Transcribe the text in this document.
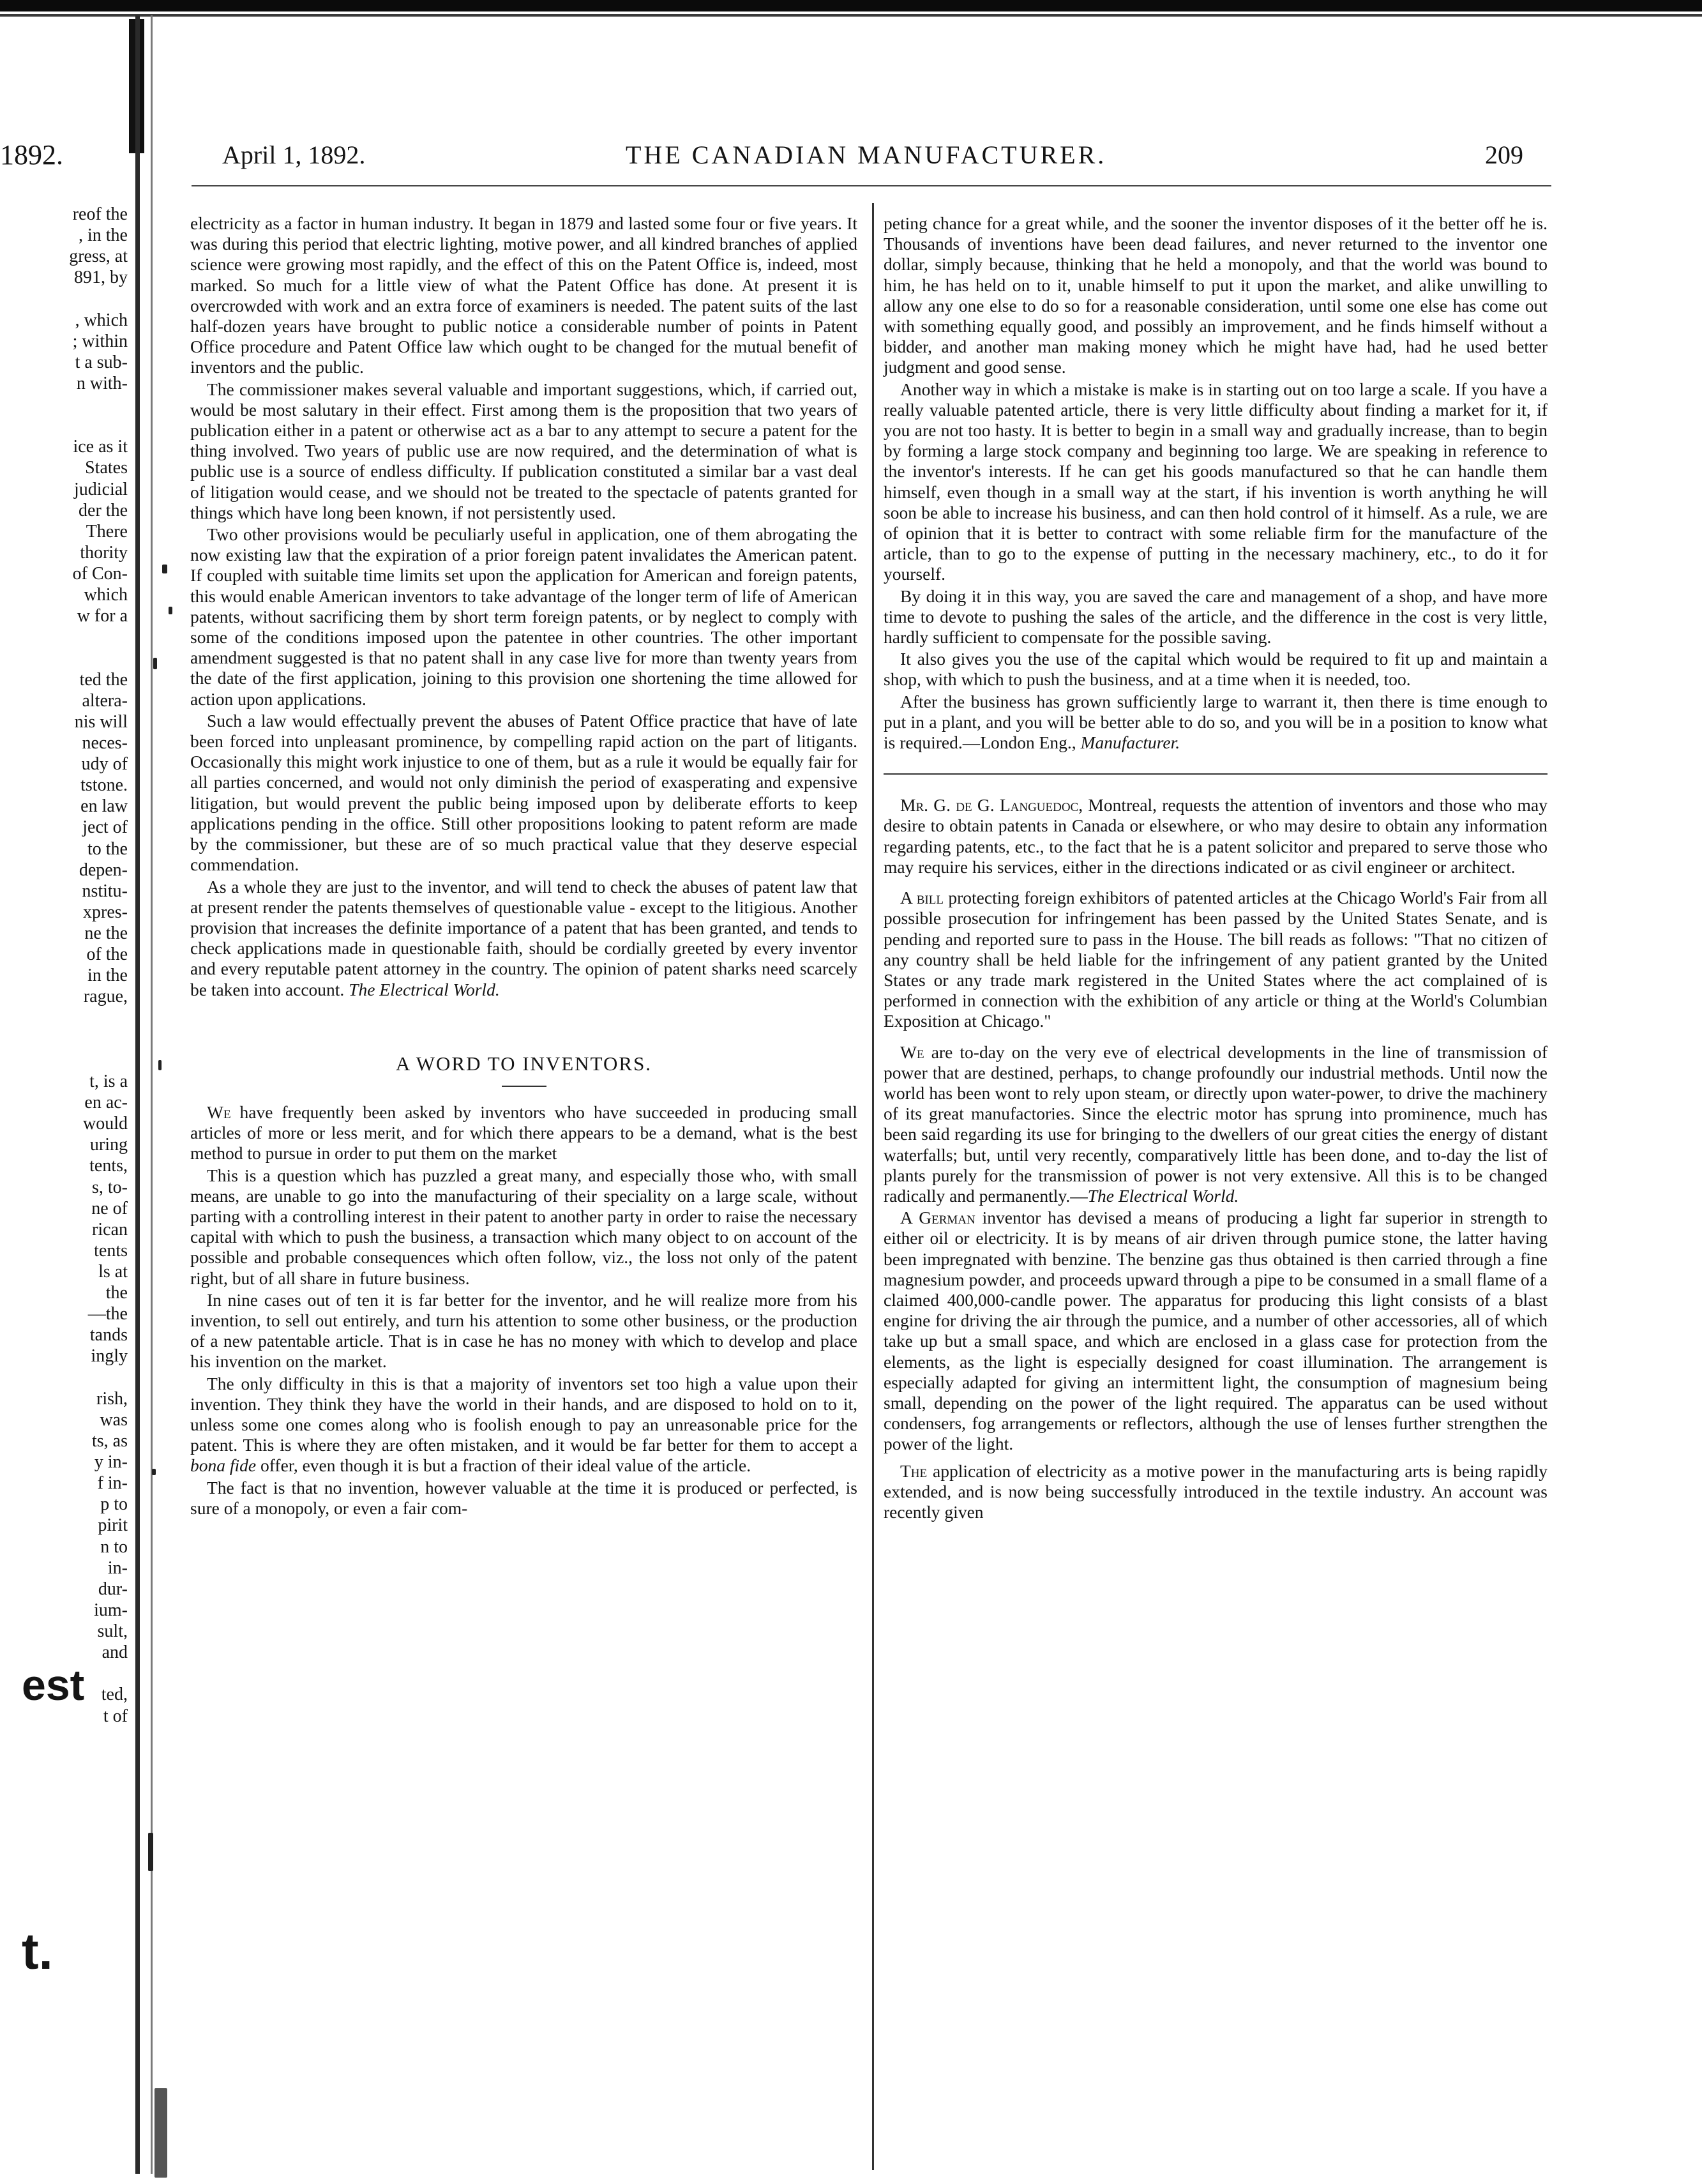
1892.	April 1, 1892.	THE CANADIAN MANUFACTURER.	209
reof the
, in the
gress, at
891, by
, which
; within
t a sub-
n with-
ice as it
States
judicial
der the
There
thority
of Con-
which
w for a
ted the
altera-
nis will
neces-
udy of
tstone.
en law
ject of
to the
depen-
nstitu-
xpres-
ne the
of the
in the
rague,
t, is a
en ac-
would
uring
tents,
s, to-
ne of
rican
tents
ls at
the
—the
tands
ingly
rish,
was
ts, as
y in-
f in-
p to
pirit
n to
in-
dur-
ium-
sult,
and
ted,
t of
est
t.

electricity as a factor in human industry. It began in 1879 and lasted some four or five years. It was during this period that electric lighting, motive power, and all kindred branches of applied science were growing most rapidly, and the effect of this on the Patent Office is, indeed, most marked. So much for a little view of what the Patent Office has done. At present it is overcrowded with work and an extra force of examiners is needed. The patent suits of the last half-dozen years have brought to public notice a considerable number of points in Patent Office procedure and Patent Office law which ought to be changed for the mutual benefit of inventors and the public.

The commissioner makes several valuable and important suggestions, which, if carried out, would be most salutary in their effect. First among them is the proposition that two years of publication either in a patent or otherwise act as a bar to any attempt to secure a patent for the thing involved. Two years of public use are now required, and the determination of what is public use is a source of endless difficulty. If publication constituted a similar bar a vast deal of litigation would cease, and we should not be treated to the spectacle of patents granted for things which have long been known, if not persistently used.

Two other provisions would be peculiarly useful in application, one of them abrogating the now existing law that the expiration of a prior foreign patent invalidates the American patent. If coupled with suitable time limits set upon the application for American and foreign patents, this would enable American inventors to take advantage of the longer term of life of American patents, without sacrificing them by short term foreign patents, or by neglect to comply with some of the conditions imposed upon the patentee in other countries. The other important amendment suggested is that no patent shall in any case live for more than twenty years from the date of the first application, joining to this provision one shortening the time allowed for action upon applications.

Such a law would effectually prevent the abuses of Patent Office practice that have of late been forced into unpleasant prominence, by compelling rapid action on the part of litigants. Occasionally this might work injustice to one of them, but as a rule it would be equally fair for all parties concerned, and would not only diminish the period of exasperating and expensive litigation, but would prevent the public being imposed upon by deliberate efforts to keep applications pending in the office. Still other propositions looking to patent reform are made by the commissioner, but these are of so much practical value that they deserve especial commendation.

As a whole they are just to the inventor, and will tend to check the abuses of patent law that at present render the patents themselves of questionable value - except to the litigious. Another provision that increases the definite importance of a patent that has been granted, and tends to check applications made in questionable faith, should be cordially greeted by every inventor and every reputable patent attorney in the country. The opinion of patent sharks need scarcely be taken into account. The Electrical World.

A WORD TO INVENTORS.

We have frequently been asked by inventors who have succeeded in producing small articles of more or less merit, and for which there appears to be a demand, what is the best method to pursue in order to put them on the market

This is a question which has puzzled a great many, and especially those who, with small means, are unable to go into the manufacturing of their speciality on a large scale, without parting with a controlling interest in their patent to another party in order to raise the necessary capital with which to push the business, a transaction which many object to on account of the possible and probable consequences which often follow, viz., the loss not only of the patent right, but of all share in future business.

In nine cases out of ten it is far better for the inventor, and he will realize more from his invention, to sell out entirely, and turn his attention to some other business, or the production of a new patentable article. That is in case he has no money with which to develop and place his invention on the market.

The only difficulty in this is that a majority of inventors set too high a value upon their invention. They think they have the world in their hands, and are disposed to hold on to it, unless some one comes along who is foolish enough to pay an unreasonable price for the patent. This is where they are often mistaken, and it would be far better for them to accept a bona fide offer, even though it is but a fraction of their ideal value of the article.

The fact is that no invention, however valuable at the time it is produced or perfected, is sure of a monopoly, or even a fair com-

peting chance for a great while, and the sooner the inventor disposes of it the better off he is. Thousands of inventions have been dead failures, and never returned to the inventor one dollar, simply because, thinking that he held a monopoly, and that the world was bound to him, he has held on to it, unable himself to put it upon the market, and alike unwilling to allow any one else to do so for a reasonable consideration, until some one else has come out with something equally good, and possibly an improvement, and he finds himself without a bidder, and another man making money which he might have had, had he used better judgment and good sense.

Another way in which a mistake is make is in starting out on too large a scale. If you have a really valuable patented article, there is very little difficulty about finding a market for it, if you are not too hasty. It is better to begin in a small way and gradually increase, than to begin by forming a large stock company and beginning too large. We are speaking in reference to the inventor's interests. If he can get his goods manufactured so that he can handle them himself, even though in a small way at the start, if his invention is worth anything he will soon be able to increase his business, and can then hold control of it himself. As a rule, we are of opinion that it is better to contract with some reliable firm for the manufacture of the article, than to go to the expense of putting in the necessary machinery, etc., to do it for yourself.

By doing it in this way, you are saved the care and management of a shop, and have more time to devote to pushing the sales of the article, and the difference in the cost is very little, hardly sufficient to compensate for the possible saving.

It also gives you the use of the capital which would be required to fit up and maintain a shop, with which to push the business, and at a time when it is needed, too.

After the business has grown sufficiently large to warrant it, then there is time enough to put in a plant, and you will be better able to do so, and you will be in a position to know what is required.—London Eng., Manufacturer.

Mr. G. de G. Languedoc, Montreal, requests the attention of inventors and those who may desire to obtain patents in Canada or elsewhere, or who may desire to obtain any information regarding patents, etc., to the fact that he is a patent solicitor and prepared to serve those who may require his services, either in the directions indicated or as civil engineer or architect.

A bill protecting foreign exhibitors of patented articles at the Chicago World's Fair from all possible prosecution for infringement has been passed by the United States Senate, and is pending and reported sure to pass in the House. The bill reads as follows: "That no citizen of any country shall be held liable for the infringement of any patient granted by the United States or any trade mark registered in the United States where the act complained of is performed in connection with the exhibition of any article or thing at the World's Columbian Exposition at Chicago."

We are to-day on the very eve of electrical developments in the line of transmission of power that are destined, perhaps, to change profoundly our industrial methods. Until now the world has been wont to rely upon steam, or directly upon water-power, to drive the machinery of its great manufactories. Since the electric motor has sprung into prominence, much has been said regarding its use for bringing to the dwellers of our great cities the energy of distant waterfalls; but, until very recently, comparatively little has been done, and to-day the list of plants purely for the transmission of power is not very extensive. All this is to be changed radically and permanently.—The Electrical World.

A German inventor has devised a means of producing a light far superior in strength to either oil or electricity. It is by means of air driven through pumice stone, the latter having been impregnated with benzine. The benzine gas thus obtained is then carried through a fine magnesium powder, and proceeds upward through a pipe to be consumed in a small flame of a claimed 400,000-candle power. The apparatus for producing this light consists of a blast engine for driving the air through the pumice, and a number of other accessories, all of which take up but a small space, and which are enclosed in a glass case for protection from the elements, as the light is especially designed for coast illumination. The arrangement is especially adapted for giving an intermittent light, the consumption of magnesium being small, depending on the power of the light required. The apparatus can be used without condensers, fog arrangements or reflectors, although the use of lenses further strengthen the power of the light.

The application of electricity as a motive power in the manufacturing arts is being rapidly extended, and is now being successfully introduced in the textile industry. An account was recently given
